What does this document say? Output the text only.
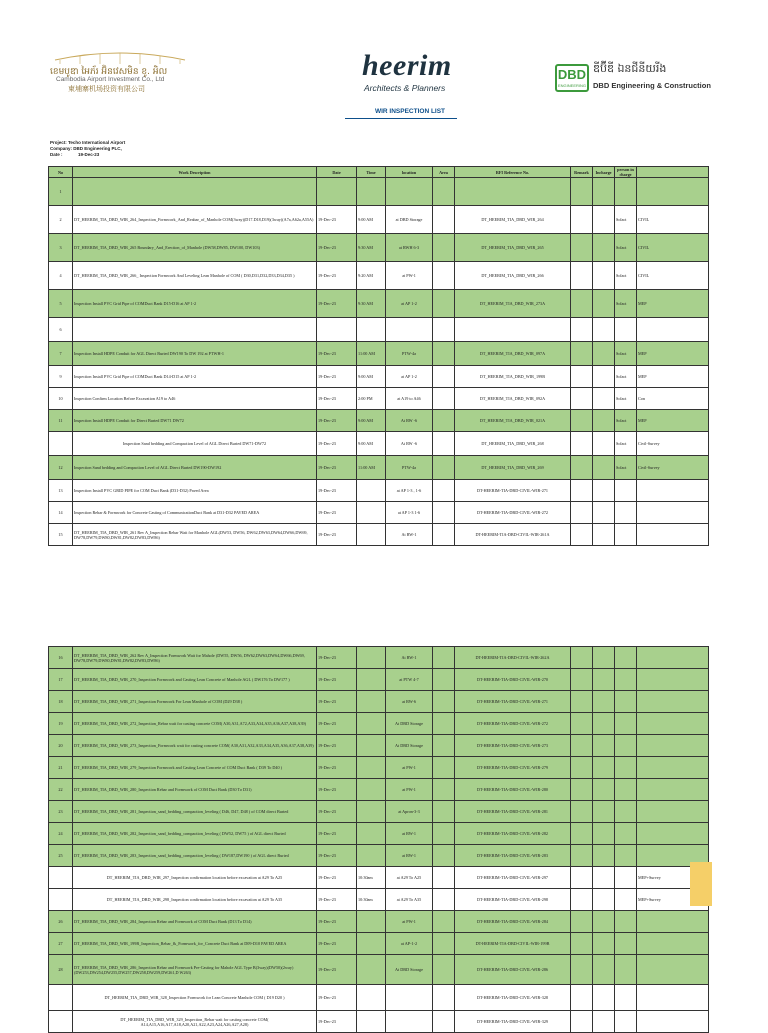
ខេមបូឌា អៃភ័រ អ៊ិនវេសមិន ខូ. អិល
Cambodia Airport Investment Co., Ltd
柬埔寨机场投资有限公司
heerim
Architects & Planners
DBD
ENGINEERING
ឌីប៊ីឌី ឯ​ន​ជី​នី​យ​រីង
DBD Engineering & Construction
WIR INSPECTION LIST
Project: Techo International Airport
Company: DBD Engineering PLC,
Date :	19-Dec-23
No	Work Description	Date	Time	location	Area	RFI Reference No.	Remark	Incharge	person in charge	
1										
2	DT_HEERIM_TIA_DBD_WIR_264_Inspection_Formwork_And_Reabar_of_Manhole COM(3way)(D17.D18,D19)(3way)(A7a,A62a,A55A)	19-Dec-23	9:00 AM	at DBD Storage		DT_HEERIM_TIA_DBD_WIR_264			Solact	CIVIL
3	DT_HEERIM_TIA_DBD_WIR_265 Boundary_And_Erection_of_Manhole (DW58,DW85, DW100, DW103)	19-Dec-23	9:30 AM	at RWH 6-3		DT_HEERIM_TIA_DBD_WIR_265			Solact	CIVIL
4	DT_HEERIM_TIA_DBD_WIR_266_ Inspection Formwork And Leveling Lean Manhole of COM ( D30,D31,D32,D33,D34,D35 )	19-Dec-23	9:20 AM	at PW-1		DT_HEERIM_TIA_DBD_WIR_266			Solact	CIVIL
5	Inspection Install PVC Grid Pipe of COMDuct Bank D15-D16 at AP 1-2	19-Dec-23	9:30 AM	at AP 1-2		DT_HEERIM_TIA_DBD_WIR_273A			Solact	MEP
6										
7	Inspection Install HDPE Conduit for AGL Direct Buried DW190 To DW 192 at PTWH-1	19-Dec-23	11:00 AM	PTW-4a		DT_HEERIM_TIA_DBD_WIR_097A			Solact	MEP
9	Inspection Install PVC Grid Pipe of COMDuct Bank D14-D15 at AP 1-2	19-Dec-23	9:00 AM	at AP 1-2		DT_HEERIM_TIA_DBD_WIR_199B			Solact	MEP
10	Inspection Confirm Location Before Excavation A19 to A46	19-Dec-23	2:00 PM	at A19 to A46		DT_HEERIM_TIA_DBD_WIR_092A			Solact	Con
11	Inspection Install HDPE Conduit for Direct Buried DW71 DW72	19-Dec-23	9:00 AM	At RW -6		DT_HEERIM_TIA_DBD_WIR_021A			Solact	MEP
	Inspection Sand bedding and Compaction Level of AGL Direct Buried DW71-DW72	19-Dec-23	9:00 AM	At RW -6		DT_HEERIM_TIA_DBD_WIR_268			Solact	Civil-Survey
12	Inspection Sand bedding and Compaction Level of AGL Direct Buried DW190-DW192	19-Dec-23	11:00 AM	PTW-4a		DT_HEERIM_TIA_DBD_WIR_269			Solact	Civil-Survey
13	Inspection Install PVC GRID PIPE for COM Duct Bank (D31-D32) Paved Area	19-Dec-23		at AP 1-3 , 1-6		DT-HEERIM-TIA-DBD-CIVIL-WIR-271				
14	Inspection Rebar & Formwork for Concrete Casting of CommunicationDuct Bank at D31-D32 PAVED AREA	19-Dec-23		at AP 1-3 1-6		DT-HEERIM-TIA-DBD-CIVIL-WIR-272				
15	DT_HEERIM_TIA_DBD_WIR_261 Rev A_Inspection Rebar Wait for Manhole AGL(DW53, DW56, DW62,DW63,DW64,DW66,DW69, DW78,DW79,DW80,DW81,DW82,DW83,DW86)	19-Dec-23		At RW-1		DT-HEERIM-TIA-DBD-CIVIL-WIR-261A				
16	DT_HEERIM_TIA_DBD_WIR_262 Rev A_Inspection Formwork Wait for Mahole (DW55, DW56, DW62,DW63,DW64,DW66,DW69, DW78,DW79,DW80,DW81,DW82,DW83,DW86)	19-Dec-23		At RW-1		DT-HEERIM-TIA-DBD-CIVIL-WIR-262A				
17	DT_HEERIM_TIA_DBD_WIR_270_Inspection Formwork and Casting Lean Concrete of Manhole AGL ( DW176 To DW177 )	19-Dec-23		at PTW 4-7		DT-HEERIM-TIA-DBD-CIVIL-WIR-270				
18	DT_HEERIM_TIA_DBD_WIR_271_Inspection Formwork For Lean Manhole of COM (D29 D38 )	19-Dec-23		at RW-6		DT-HEERIM-TIA-DBD-CIVIL-WIR-271				
19	DT_HEERIM_TIA_DBD_WIR_272_Inspection_Rebar wait for casting concrete COM( A30,A31,A72,A33,A34,A35,A36,A37,A38,A39)	19-Dec-23		At DBD Storage		DT-HEERIM-TIA-DBD-CIVIL-WIR-272				
20	DT_HEERIM_TIA_DBD_WIR_273_Inspection_Formwork wait for casting concrete COM( A30,A31,A32,A33,A34,A35,A36,A37,A38,A39)	19-Dec-23		At DBD Storage		DT-HEERIM-TIA-DBD-CIVIL-WIR-273				
21	DT_HEERIM_TIA_DBD_WIR_279_Inspection Formwork and Casting Lean Concrete of COM Duct Bank ( D39 To D40 )	19-Dec-23		at PW-1		DT-HEERIM-TIA-DBD-CIVIL-WIR-279				
22	DT_HEERIM_TIA_DBD_WIR_280_Inspection Rebar and Formwork of COM Duct Bank (D30 To D31)	19-Dec-23		at PW-1		DT-HEERIM-TIA-DBD-CIVIL-WIR-280				
23	DT_HEERIM_TIA_DBD_WIR_281_Inspection_sand_bedding_compaction_leveling ( D46, D47, D48 ) of COM direct Buried	19-Dec-23		at Apron-3-3		DT-HEERIM-TIA-DBD-CIVIL-WIR-281				
24	DT_HEERIM_TIA_DBD_WIR_282_Inspection_sand_bedding_compaction_leveling ( DW52, DW75 ) of AGL direct Buried	19-Dec-23		at RW-1		DT-HEERIM-TIA-DBD-CIVIL-WIR-282				
25	DT_HEERIM_TIA_DBD_WIR_283_Inspection_sand_bedding_compaction_leveling ( DW187,DW190 ) of AGL direct Buried	19-Dec-23		at RW-1		DT-HEERIM-TIA-DBD-CIVIL-WIR-283				
	DT_HEERIM_TIA_DBD_WIR_297_Inspection confirmation location before excavation at A29 To A25	19-Dec-23	10:30am	at A29 To A25		DT-HEERIM-TIA-DBD-CIVIL-WIR-297				MEP+Survey
	DT_HEERIM_TIA_DBD_WIR_298_Inspection confirmation location before excavation at A29 To A35	19-Dec-23	10:30am	at A29 To A35		DT-HEERIM-TIA-DBD-CIVIL-WIR-298				MEP+Survey
26	DT_HEERIM_TIA_DBD_WIR_284_Inspection Rebar and Formwork of COM Duct Bank (D13 To D14)	19-Dec-23		at PW-1		DT-HEERIM-TIA-DBD-CIVIL-WIR-284				
27	DT_HEERIM_TIA_DBD_WIR_199B_Inspection_Rebar_&_Formwork_for_Concrete Duct Bank at D09-D10 PAVED AREA	19-Dec-23		at AP-1-2		DT-HEERIM-TIA-DBD-CIVIL-WIR-199B				
28	DT_HEERIM_TIA_DBD_WIR_286_Inspection Rebar and Formwork Pre-Casting for Mahole AGL Type B(3way)(DW50)(2way)(DW253,DW254,DW255,DW257,DW258,DW259,DW261,D W263)	19-Dec-23		At DBD Storage		DT-HEERIM-TIA-DBD-CIVIL-WIR-286				
	DT_HEERIM_TIA_DBD_WIR_328_Inspection Formwork for Lean Concrete Manhole COM ( D19 D20 )	19-Dec-23				DT-HEERIM-TIA-DBD-CIVIL-WIR-328				
	DT_HEERIM_TIA_DBD_WIR_329_Inspection_Rebar wait for casting concrete COM( A14,A15,A16,A17,A18,A20,A21,A22,A23,A24,A26,A27,A28)	19-Dec-23				DT-HEERIM-TIA-DBD-CIVIL-WIR-329				
